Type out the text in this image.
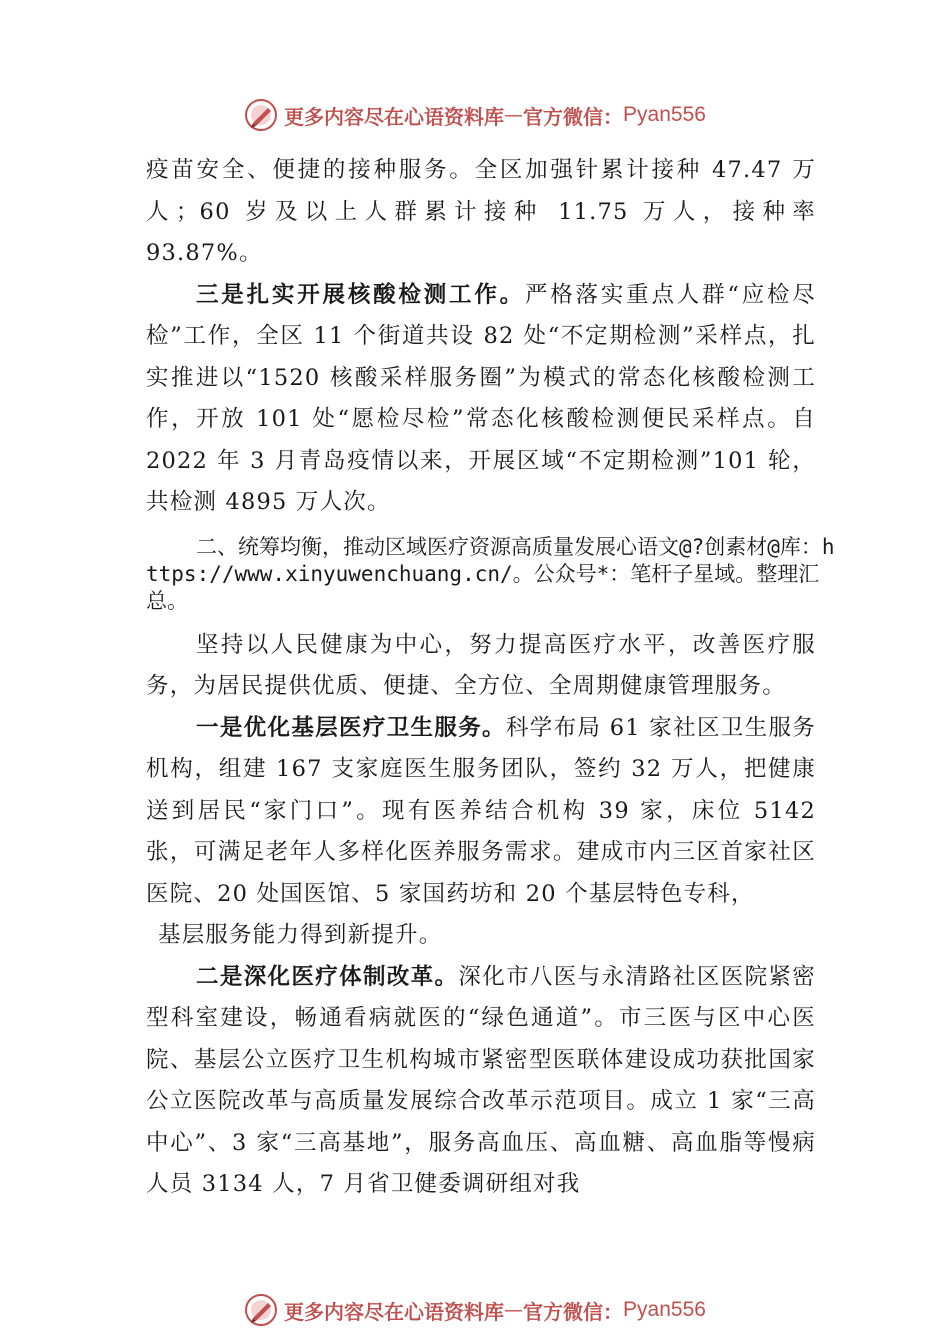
更多内容尽在心语资料库 — 官方微信： Pyan556

疫苗安全、便捷的接种服务。全区加强针累计接种 47.47 万人；60 岁及以上人群累计接种 11.75 万人，接种率 93.87%。

三是扎实开展核酸检测工作。严格落实重点人群“应检尽检”工作，全区 11 个街道共设 82 处“不定期检测”采样点，扎实推进以“1520 核酸采样服务圈”为模式的常态化核酸检测工作，开放 101 处“愿检尽检”常态化核酸检测便民采样点。自 2022 年 3 月青岛疫情以来，开展区域“不定期检测”101 轮，共检测 4895 万人次。

二、统筹均衡，推动区域医疗资源高质量发展心语文@?创素材@库：https://www.xinyuwenchuang.cn/。公众号*：笔杆子星域。整理汇总。

坚持以人民健康为中心，努力提高医疗水平，改善医疗服务，为居民提供优质、便捷、全方位、全周期健康管理服务。

一是优化基层医疗卫生服务。科学布局 61 家社区卫生服务机构，组建 167 支家庭医生服务团队，签约 32 万人，把健康送到居民“家门口”。现有医养结合机构 39 家，床位 5142 张，可满足老年人多样化医养服务需求。建成市内三区首家社区医院、20 处国医馆、5 家国药坊和 20 个基层特色专科，

基层服务能力得到新提升。

二是深化医疗体制改革。深化市八医与永清路社区医院紧密型科室建设，畅通看病就医的“绿色通道”。市三医与区中心医院、基层公立医疗卫生机构城市紧密型医联体建设成功获批国家公立医院改革与高质量发展综合改革示范项目。成立 1 家“三高中心”、3 家“三高基地”，服务高血压、高血糖、高血脂等慢病人员 3134 人，7 月省卫健委调研组对我

更多内容尽在心语资料库 — 官方微信： Pyan556
